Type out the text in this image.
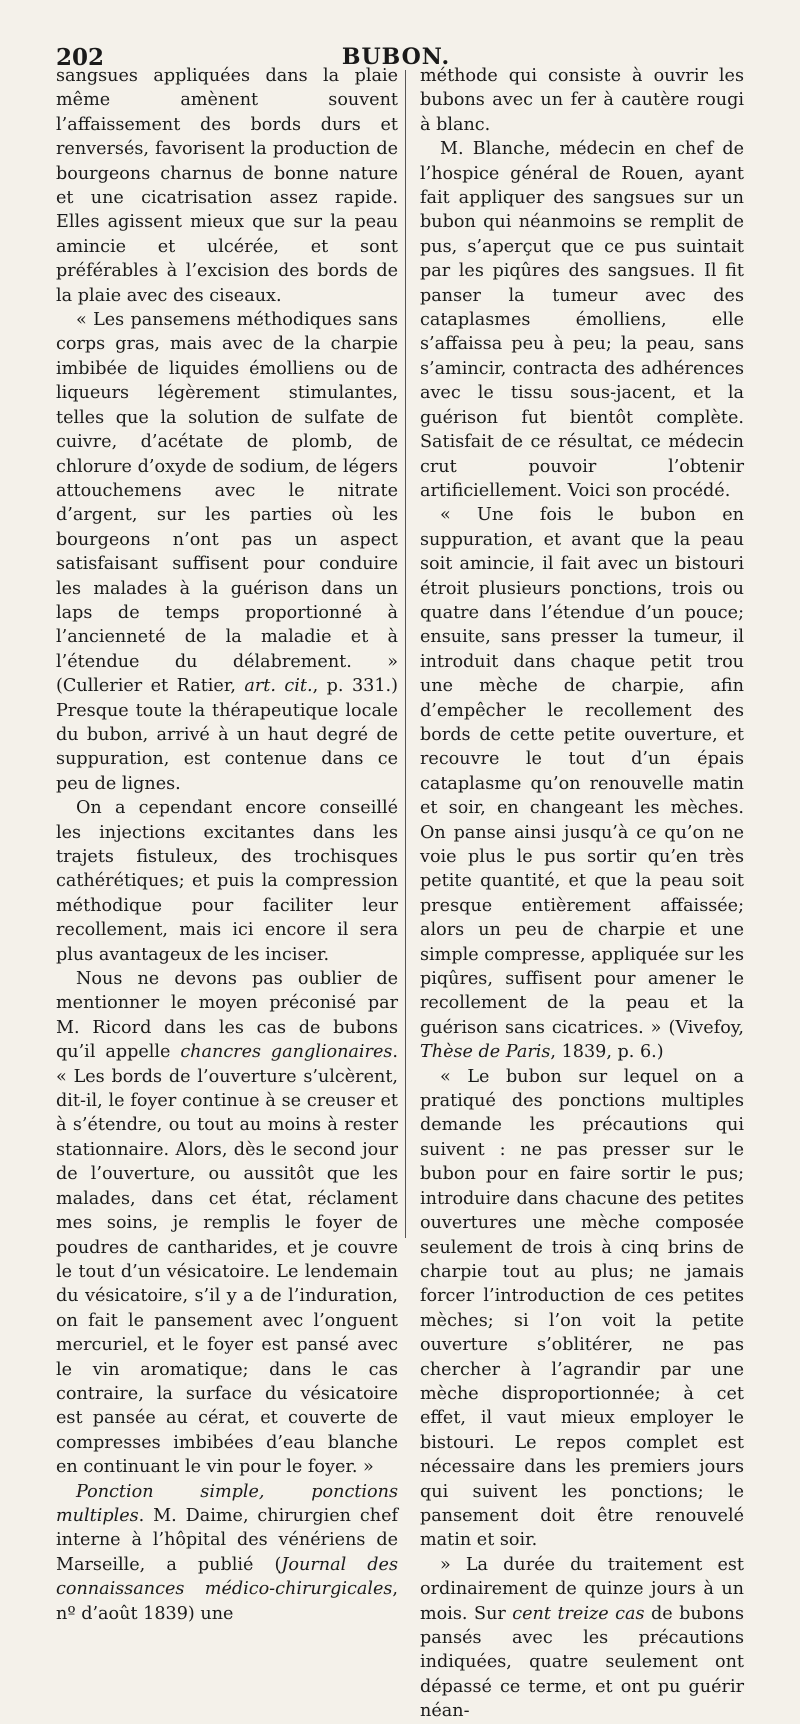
202	BUBON.

sangsues appliquées dans la plaie même amènent souvent l’affaissement des bords durs et renversés, favorisent la production de bourgeons charnus de bonne nature et une cicatrisation assez rapide. Elles agissent mieux que sur la peau amincie et ulcérée, et sont préférables à l’excision des bords de la plaie avec des ciseaux.

« Les pansemens méthodiques sans corps gras, mais avec de la charpie imbibée de liquides émolliens ou de liqueurs légèrement stimulantes, telles que la solution de sulfate de cuivre, d’acétate de plomb, de chlorure d’oxyde de sodium, de légers attouchemens avec le nitrate d’argent, sur les parties où les bourgeons n’ont pas un aspect satisfaisant suffisent pour conduire les malades à la guérison dans un laps de temps proportionné à l’ancienneté de la maladie et à l’étendue du délabrement. » (Cullerier et Ratier, art. cit., p. 331.) Presque toute la thérapeutique locale du bubon, arrivé à un haut degré de suppuration, est contenue dans ce peu de lignes.

On a cependant encore conseillé les injections excitantes dans les trajets fistuleux, des trochisques cathérétiques; et puis la compression méthodique pour faciliter leur recollement, mais ici encore il sera plus avantageux de les inciser.

Nous ne devons pas oublier de mentionner le moyen préconisé par M. Ricord dans les cas de bubons qu’il appelle chancres ganglionaires. « Les bords de l’ouverture s’ulcèrent, dit-il, le foyer continue à se creuser et à s’étendre, ou tout au moins à rester stationnaire. Alors, dès le second jour de l’ouverture, ou aussitôt que les malades, dans cet état, réclament mes soins, je remplis le foyer de poudres de cantharides, et je couvre le tout d’un vésicatoire. Le lendemain du vésicatoire, s’il y a de l’induration, on fait le pansement avec l’onguent mercuriel, et le foyer est pansé avec le vin aromatique; dans le cas contraire, la surface du vésicatoire est pansée au cérat, et couverte de compresses imbibées d’eau blanche en continuant le vin pour le foyer. »

Ponction simple, ponctions multiples. M. Daime, chirurgien chef interne à l’hôpital des vénériens de Marseille, a publié (Journal des connaissances médico-chirurgicales, nº d’août 1839) une

méthode qui consiste à ouvrir les bubons avec un fer à cautère rougi à blanc.

M. Blanche, médecin en chef de l’hospice général de Rouen, ayant fait appliquer des sangsues sur un bubon qui néanmoins se remplit de pus, s’aperçut que ce pus suintait par les piqûres des sangsues. Il fit panser la tumeur avec des cataplasmes émolliens, elle s’affaissa peu à peu; la peau, sans s’amincir, contracta des adhérences avec le tissu sous-jacent, et la guérison fut bientôt complète. Satisfait de ce résultat, ce médecin crut pouvoir l’obtenir artificiellement. Voici son procédé.

« Une fois le bubon en suppuration, et avant que la peau soit amincie, il fait avec un bistouri étroit plusieurs ponctions, trois ou quatre dans l’étendue d’un pouce; ensuite, sans presser la tumeur, il introduit dans chaque petit trou une mèche de charpie, afin d’empêcher le recollement des bords de cette petite ouverture, et recouvre le tout d’un épais cataplasme qu’on renouvelle matin et soir, en changeant les mèches. On panse ainsi jusqu’à ce qu’on ne voie plus le pus sortir qu’en très petite quantité, et que la peau soit presque entièrement affaissée; alors un peu de charpie et une simple compresse, appliquée sur les piqûres, suffisent pour amener le recollement de la peau et la guérison sans cicatrices. » (Vivefoy, Thèse de Paris, 1839, p. 6.)

« Le bubon sur lequel on a pratiqué des ponctions multiples demande les précautions qui suivent : ne pas presser sur le bubon pour en faire sortir le pus; introduire dans chacune des petites ouvertures une mèche composée seulement de trois à cinq brins de charpie tout au plus; ne jamais forcer l’introduction de ces petites mèches; si l’on voit la petite ouverture s’oblitérer, ne pas chercher à l’agrandir par une mèche disproportionnée; à cet effet, il vaut mieux employer le bistouri. Le repos complet est nécessaire dans les premiers jours qui suivent les ponctions; le pansement doit être renouvelé matin et soir.

» La durée du traitement est ordinairement de quinze jours à un mois. Sur cent treize cas de bubons pansés avec les précautions indiquées, quatre seulement ont dépassé ce terme, et ont pu guérir néan-
